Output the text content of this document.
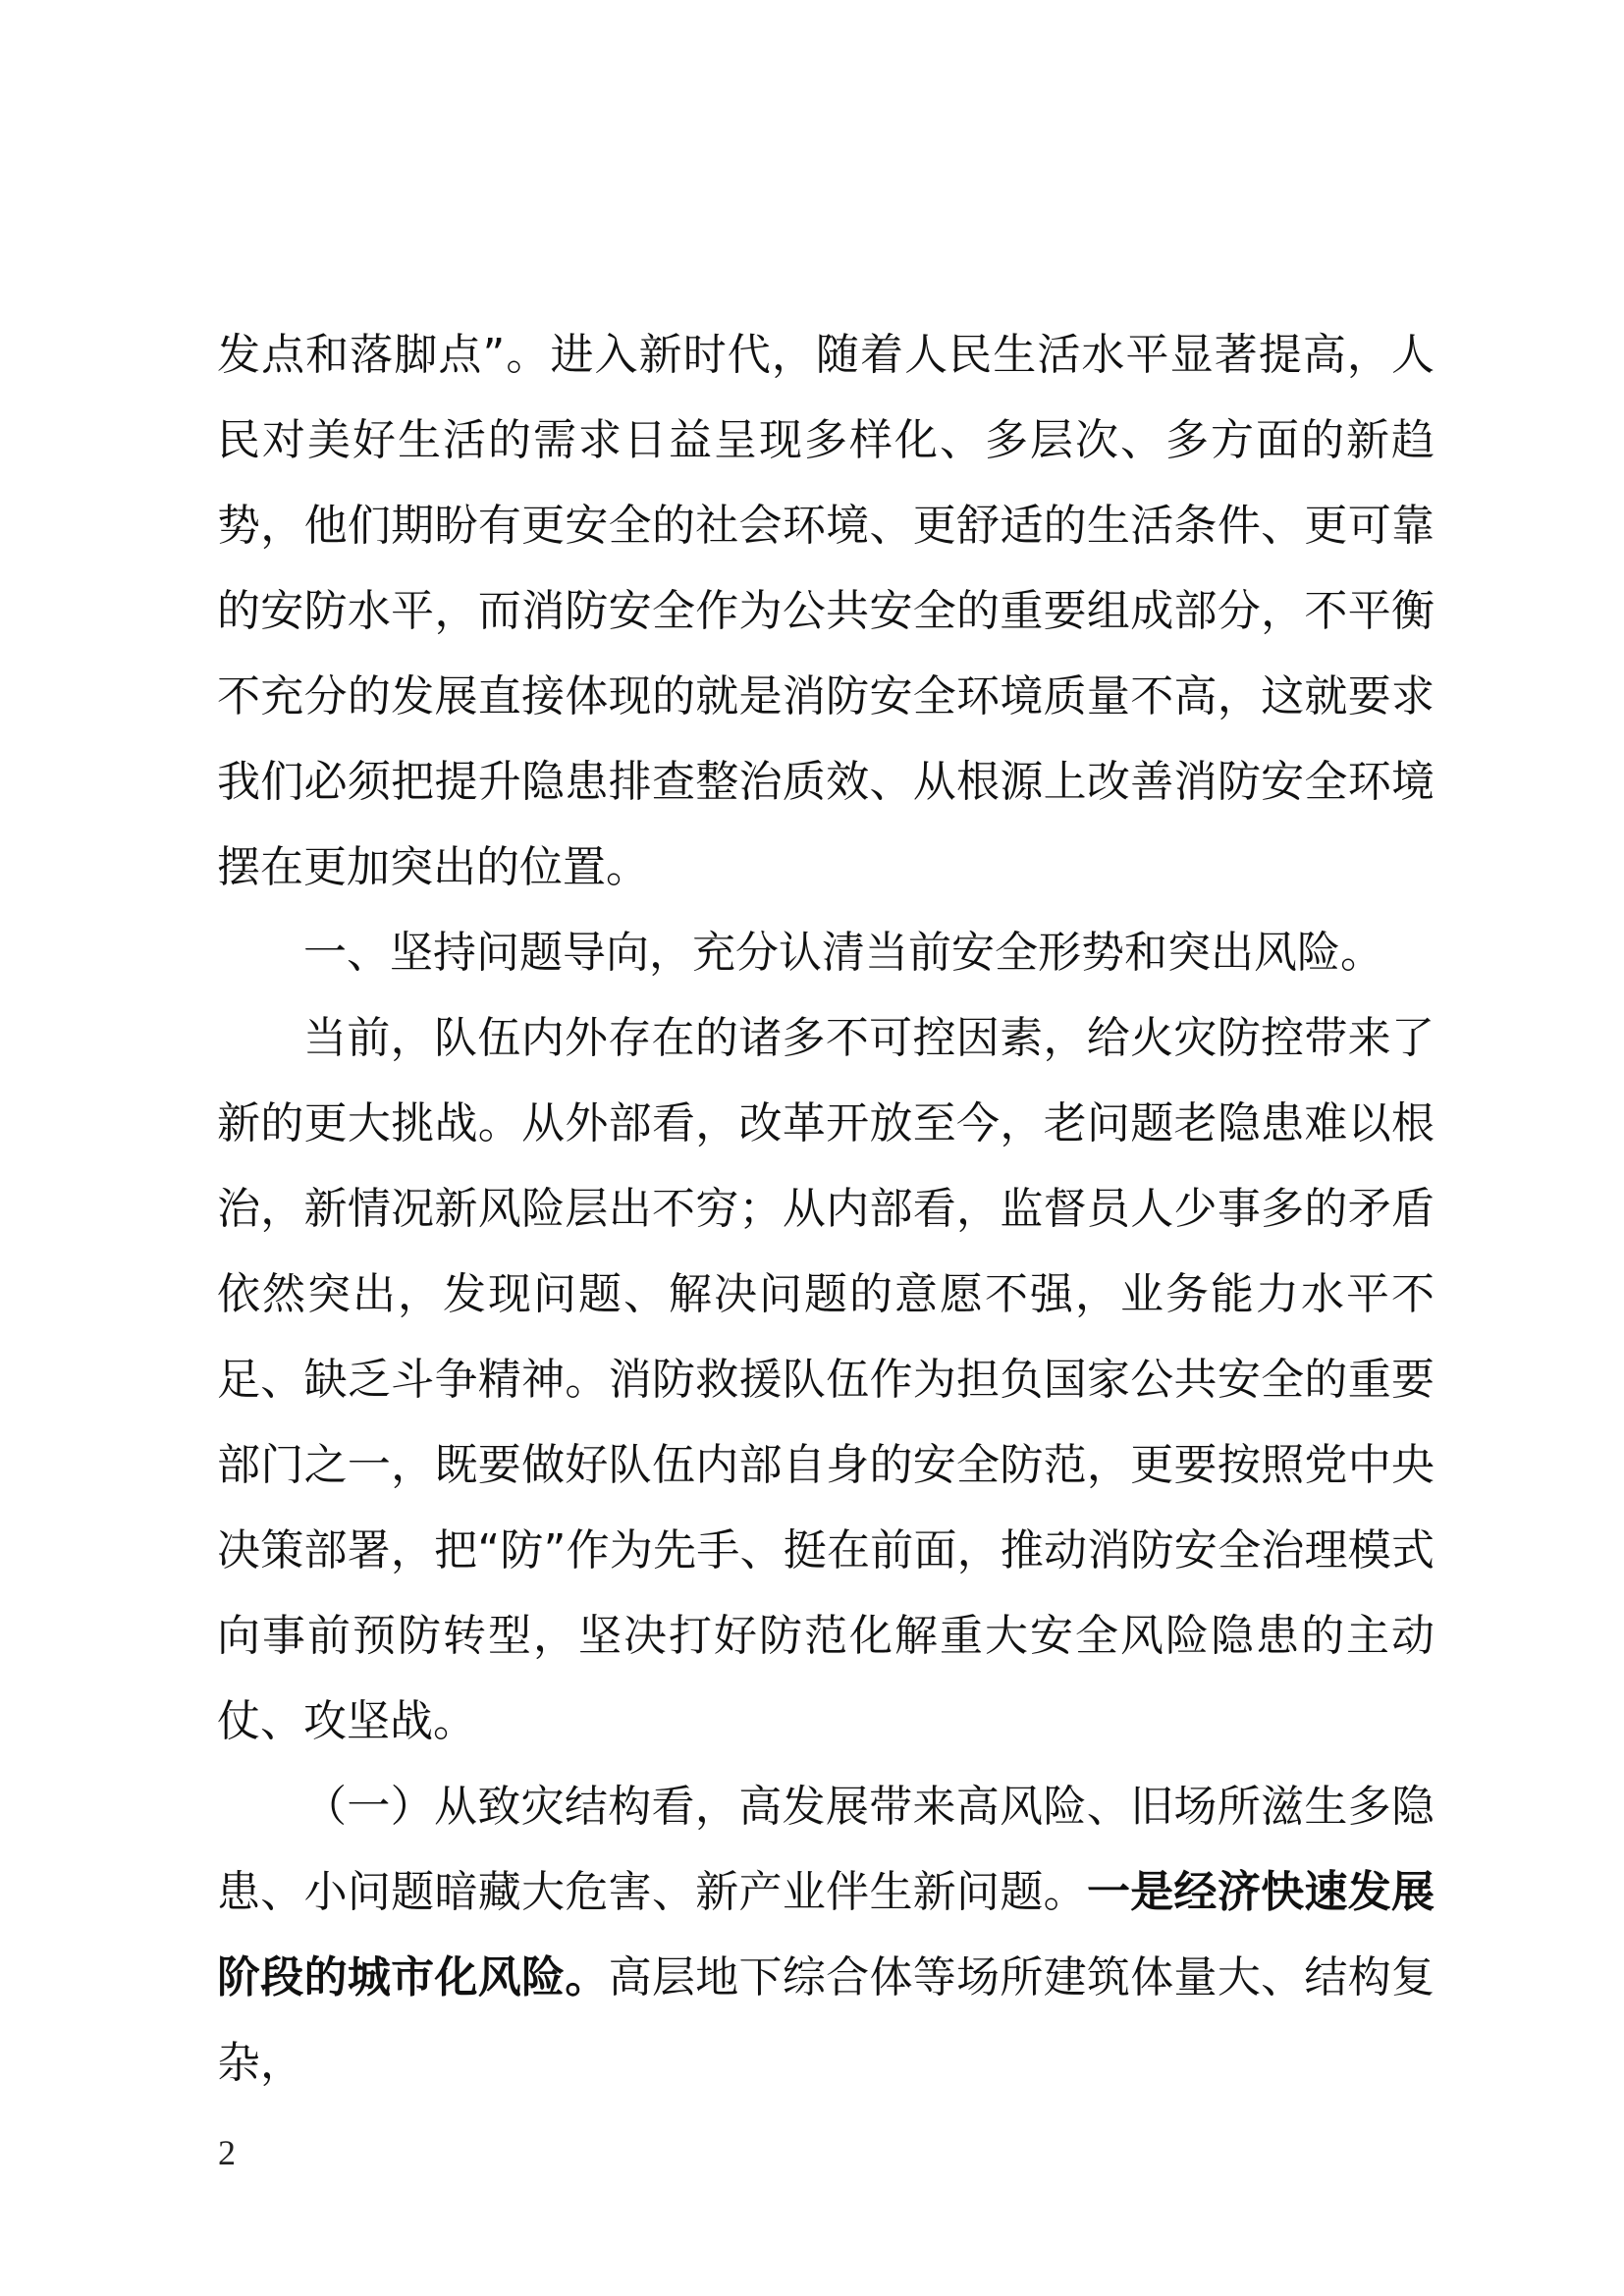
发点和落脚点”。进入新时代，随着人民生活水平显著提高，人民对美好生活的需求日益呈现多样化、多层次、多方面的新趋势，他们期盼有更安全的社会环境、更舒适的生活条件、更可靠的安防水平，而消防安全作为公共安全的重要组成部分，不平衡不充分的发展直接体现的就是消防安全环境质量不高，这就要求我们必须把提升隐患排查整治质效、从根源上改善消防安全环境摆在更加突出的位置。

一、坚持问题导向，充分认清当前安全形势和突出风险。

当前，队伍内外存在的诸多不可控因素，给火灾防控带来了新的更大挑战。从外部看，改革开放至今，老问题老隐患难以根治，新情况新风险层出不穷；从内部看，监督员人少事多的矛盾依然突出，发现问题、解决问题的意愿不强，业务能力水平不足、缺乏斗争精神。消防救援队伍作为担负国家公共安全的重要部门之一，既要做好队伍内部自身的安全防范，更要按照党中央决策部署，把“防”作为先手、挺在前面，推动消防安全治理模式向事前预防转型，坚决打好防范化解重大安全风险隐患的主动仗、攻坚战。

（一）从致灾结构看，高发展带来高风险、旧场所滋生多隐患、小问题暗藏大危害、新产业伴生新问题。一是经济快速发展阶段的城市化风险。高层地下综合体等场所建筑体量大、结构复杂，

2
